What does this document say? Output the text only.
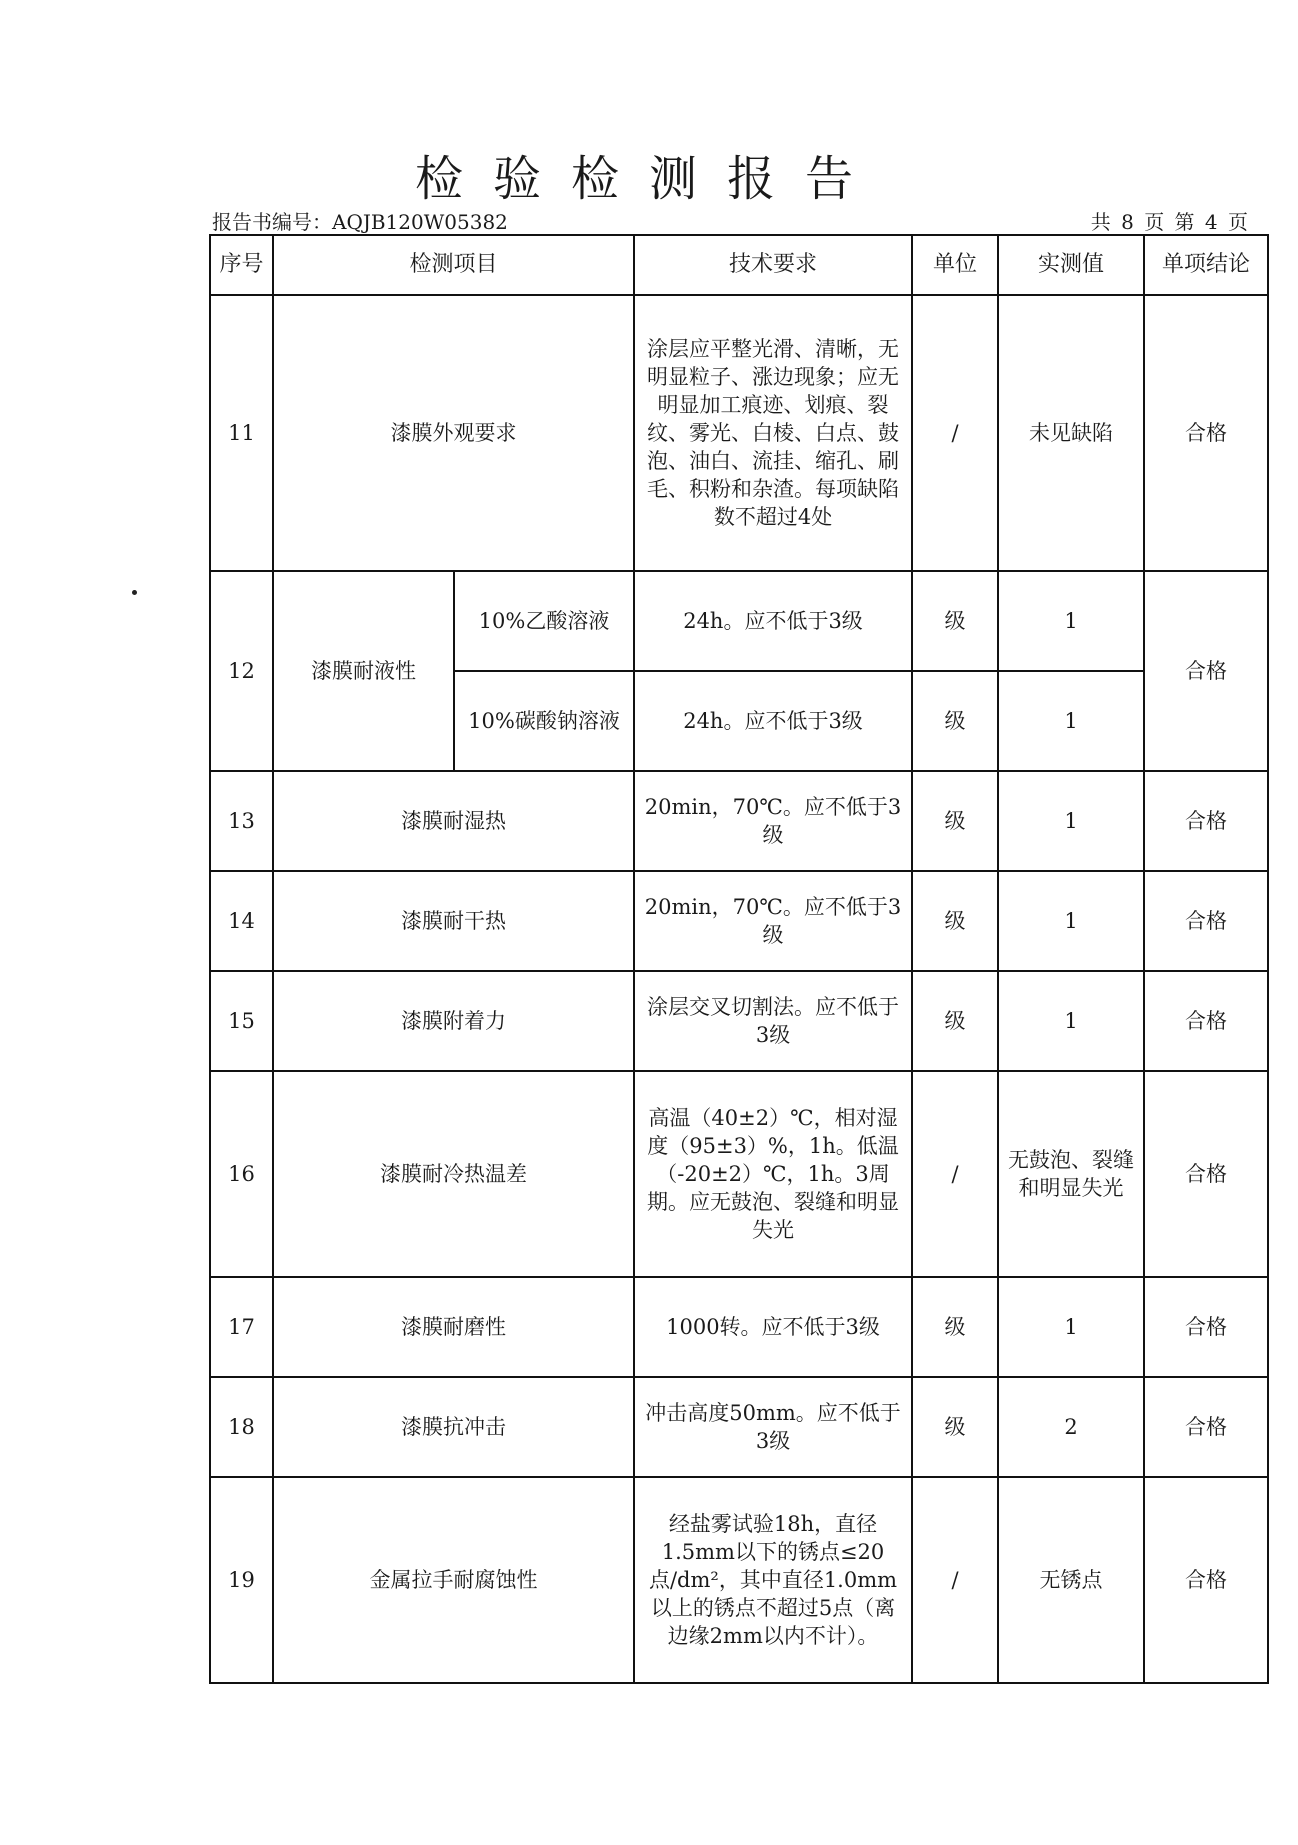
检验检测报告
报告书编号：AQJB120W05382	共 8 页 第 4 页
序号	检测项目		技术要求	单位	实测值	单项结论
11	漆膜外观要求		涂层应平整光滑、清晰，无明显粒子、涨边现象；应无明显加工痕迹、划痕、裂纹、雾光、白棱、白点、鼓泡、油白、流挂、缩孔、刷毛、积粉和杂渣。每项缺陷数不超过4处	/	未见缺陷	合格
12	漆膜耐液性	10%乙酸溶液	24h。应不低于3级	级	1	合格
		10%碳酸钠溶液	24h。应不低于3级	级	1	
13	漆膜耐湿热		20min，70℃。应不低于3级	级	1	合格
14	漆膜耐干热		20min，70℃。应不低于3级	级	1	合格
15	漆膜附着力		涂层交叉切割法。应不低于3级	级	1	合格
16	漆膜耐冷热温差		高温（40±2）℃，相对湿度（95±3）%，1h。低温（-20±2）℃，1h。3周期。应无鼓泡、裂缝和明显失光	/	无鼓泡、裂缝和明显失光	合格
17	漆膜耐磨性		1000转。应不低于3级	级	1	合格
18	漆膜抗冲击		冲击高度50mm。应不低于3级	级	2	合格
19	金属拉手耐腐蚀性		经盐雾试验18h，直径1.5mm以下的锈点≤20点/dm²，其中直径1.0mm以上的锈点不超过5点（离边缘2mm以内不计）。	/	无锈点	合格
